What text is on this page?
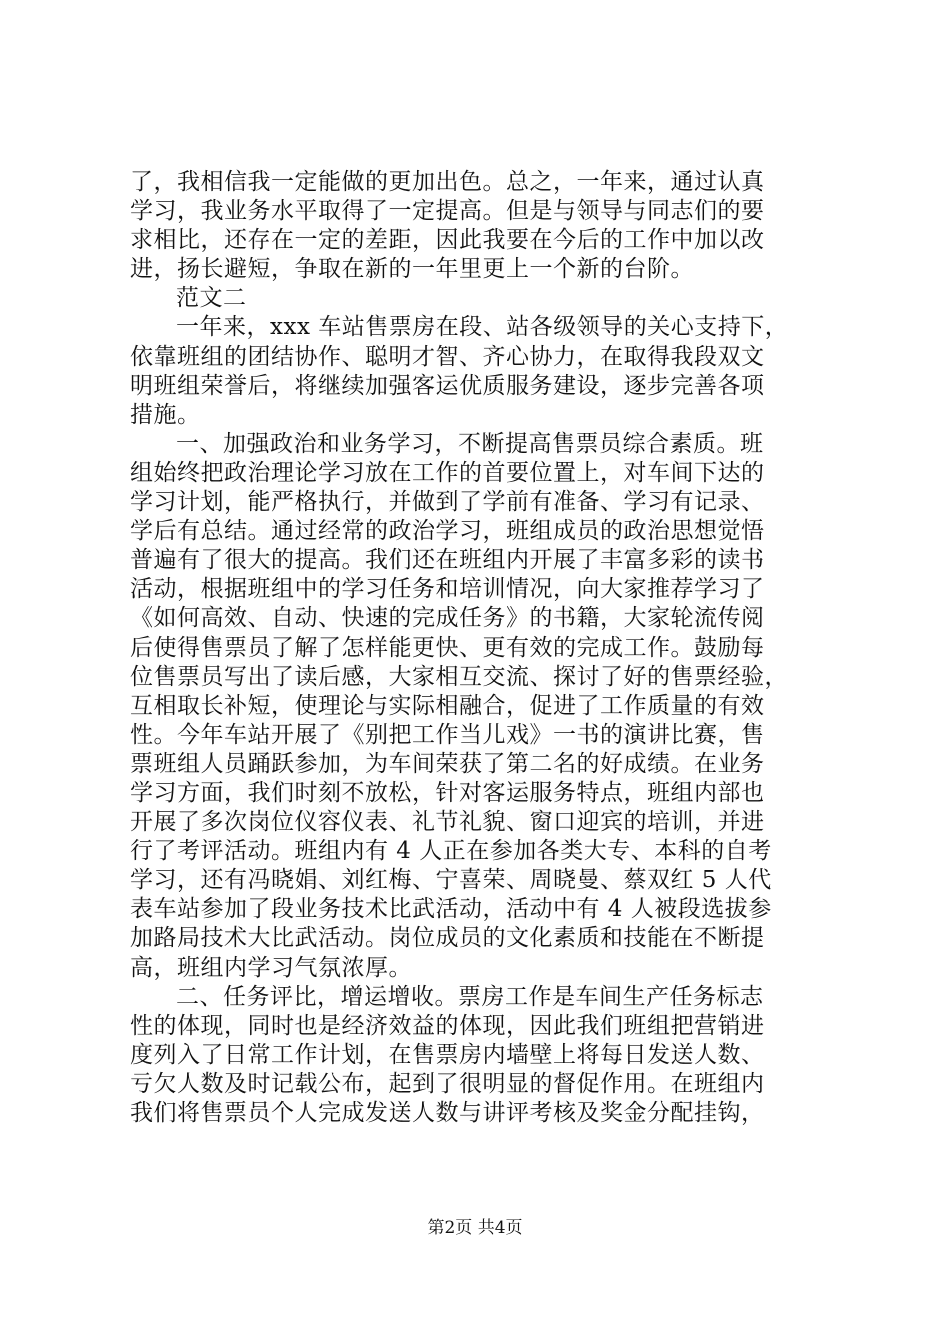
了，我相信我一定能做的更加出色。总之，一年来，通过认真
学习，我业务水平取得了一定提高。但是与领导与同志们的要
求相比，还存在一定的差距，因此我要在今后的工作中加以改
进，扬长避短，争取在新的一年里更上一个新的台阶。
范文二
一年来，xxx 车站售票房在段、站各级领导的关心支持下，
依靠班组的团结协作、聪明才智、齐心协力，在取得我段双文
明班组荣誉后，将继续加强客运优质服务建设，逐步完善各项
措施。
一、加强政治和业务学习，不断提高售票员综合素质。班
组始终把政治理论学习放在工作的首要位置上，对车间下达的
学习计划，能严格执行，并做到了学前有准备、学习有记录、
学后有总结。通过经常的政治学习，班组成员的政治思想觉悟
普遍有了很大的提高。我们还在班组内开展了丰富多彩的读书
活动，根据班组中的学习任务和培训情况，向大家推荐学习了
《如何高效、自动、快速的完成任务》的书籍，大家轮流传阅
后使得售票员了解了怎样能更快、更有效的完成工作。鼓励每
位售票员写出了读后感，大家相互交流、探讨了好的售票经验，
互相取长补短，使理论与实际相融合，促进了工作质量的有效
性。今年车站开展了《别把工作当儿戏》一书的演讲比赛，售
票班组人员踊跃参加，为车间荣获了第二名的好成绩。在业务
学习方面，我们时刻不放松，针对客运服务特点，班组内部也
开展了多次岗位仪容仪表、礼节礼貌、窗口迎宾的培训，并进
行了考评活动。班组内有 4 人正在参加各类大专、本科的自考
学习，还有冯晓娟、刘红梅、宁喜荣、周晓曼、蔡双红 5 人代
表车站参加了段业务技术比武活动，活动中有 4 人被段选拔参
加路局技术大比武活动。岗位成员的文化素质和技能在不断提
高，班组内学习气氛浓厚。
二、任务评比，增运增收。票房工作是车间生产任务标志
性的体现，同时也是经济效益的体现，因此我们班组把营销进
度列入了日常工作计划，在售票房内墙壁上将每日发送人数、
亏欠人数及时记载公布，起到了很明显的督促作用。在班组内
我们将售票员个人完成发送人数与讲评考核及奖金分配挂钩，
第2页 共4页
